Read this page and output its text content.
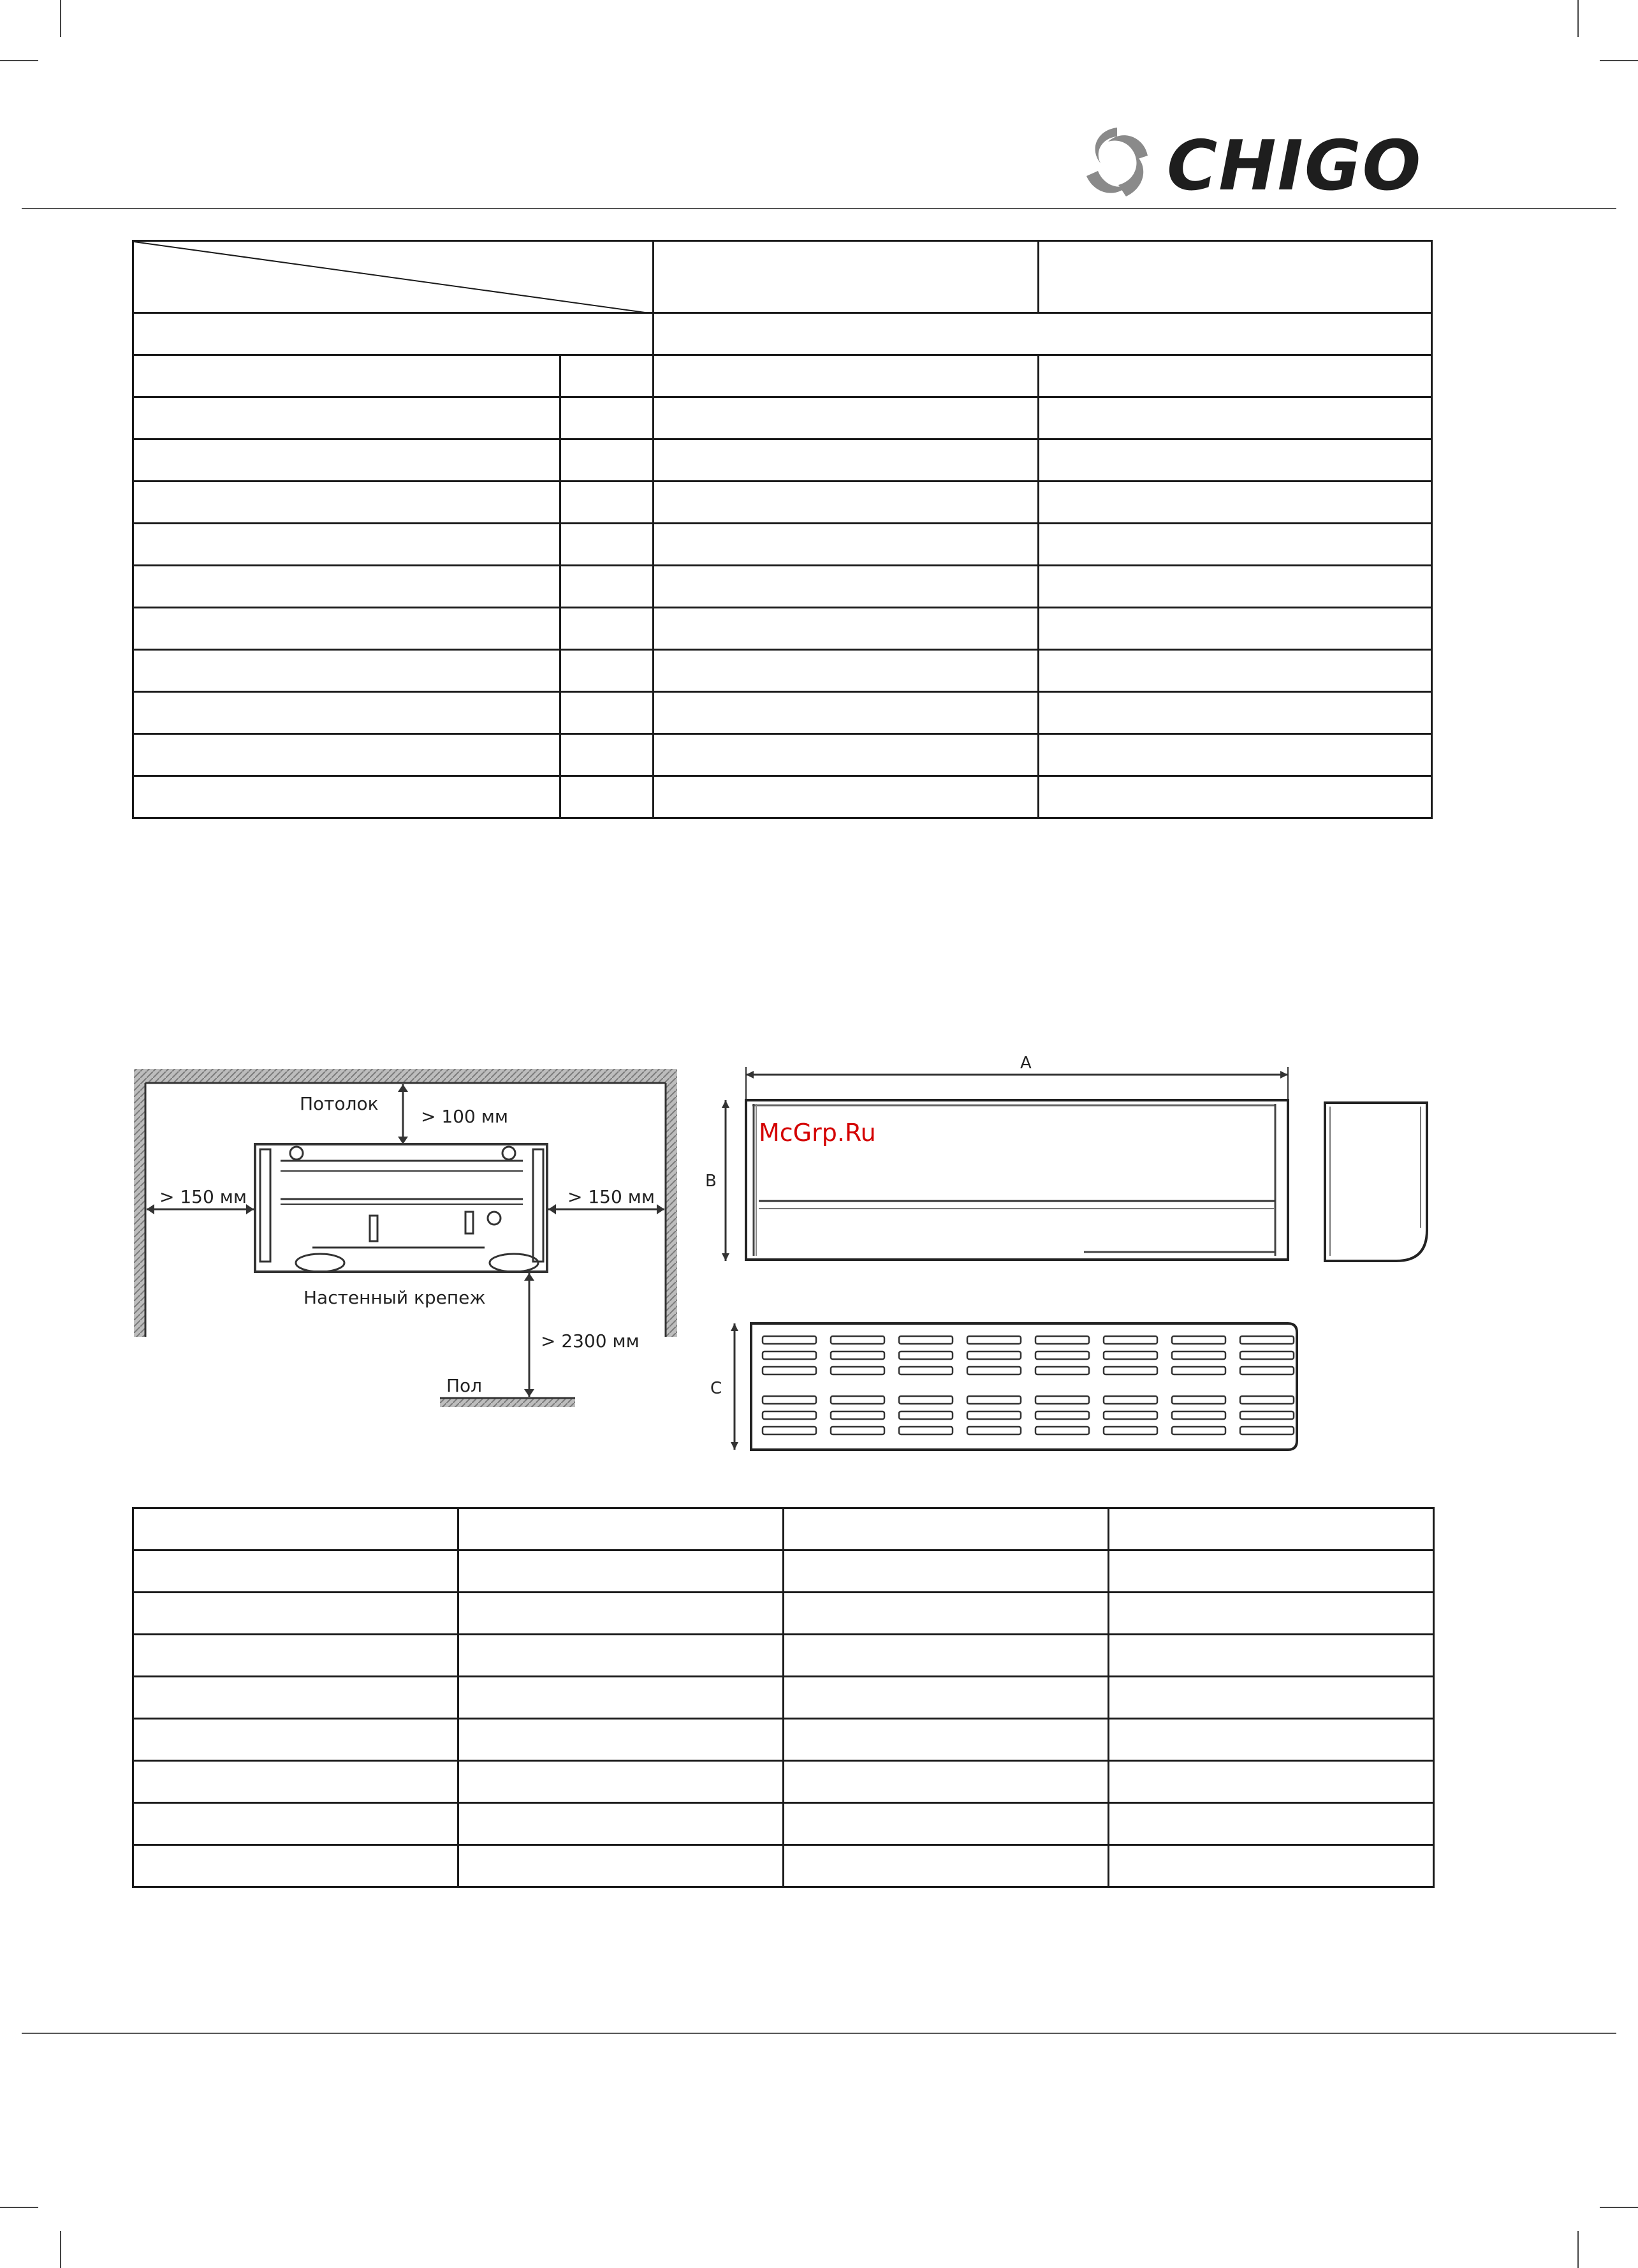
CHIGO

Потолок
> 100 мм
> 150 мм	> 150 мм
Настенный крепеж
> 2300 мм
Пол
A
B
C
McGrp.Ru
